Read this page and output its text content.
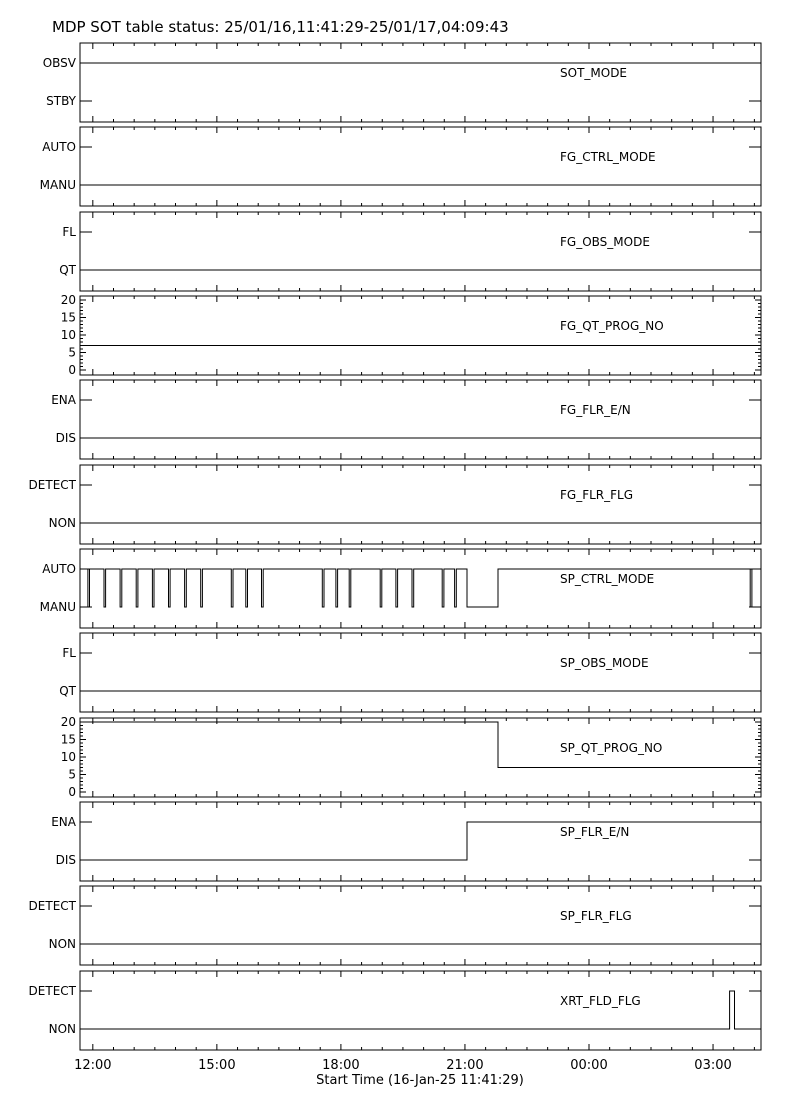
MDP SOT table status: 25/01/16,11:41:29-25/01/17,04:09:43
OBSV
STBY
SOT_MODE
AUTO
MANU
FG_CTRL_MODE
FL
QT
FG_OBS_MODE
20
15
10
5
0
FG_QT_PROG_NO
ENA
DIS
FG_FLR_E/N
DETECT
NON
FG_FLR_FLG
AUTO
MANU
SP_CTRL_MODE
FL
QT
SP_OBS_MODE
20
15
10
5
0
SP_QT_PROG_NO
ENA
DIS
SP_FLR_E/N
DETECT
NON
SP_FLR_FLG
DETECT
NON
XRT_FLD_FLG
12:00	15:00	18:00	21:00	00:00	03:00
Start Time (16-Jan-25 11:41:29)
